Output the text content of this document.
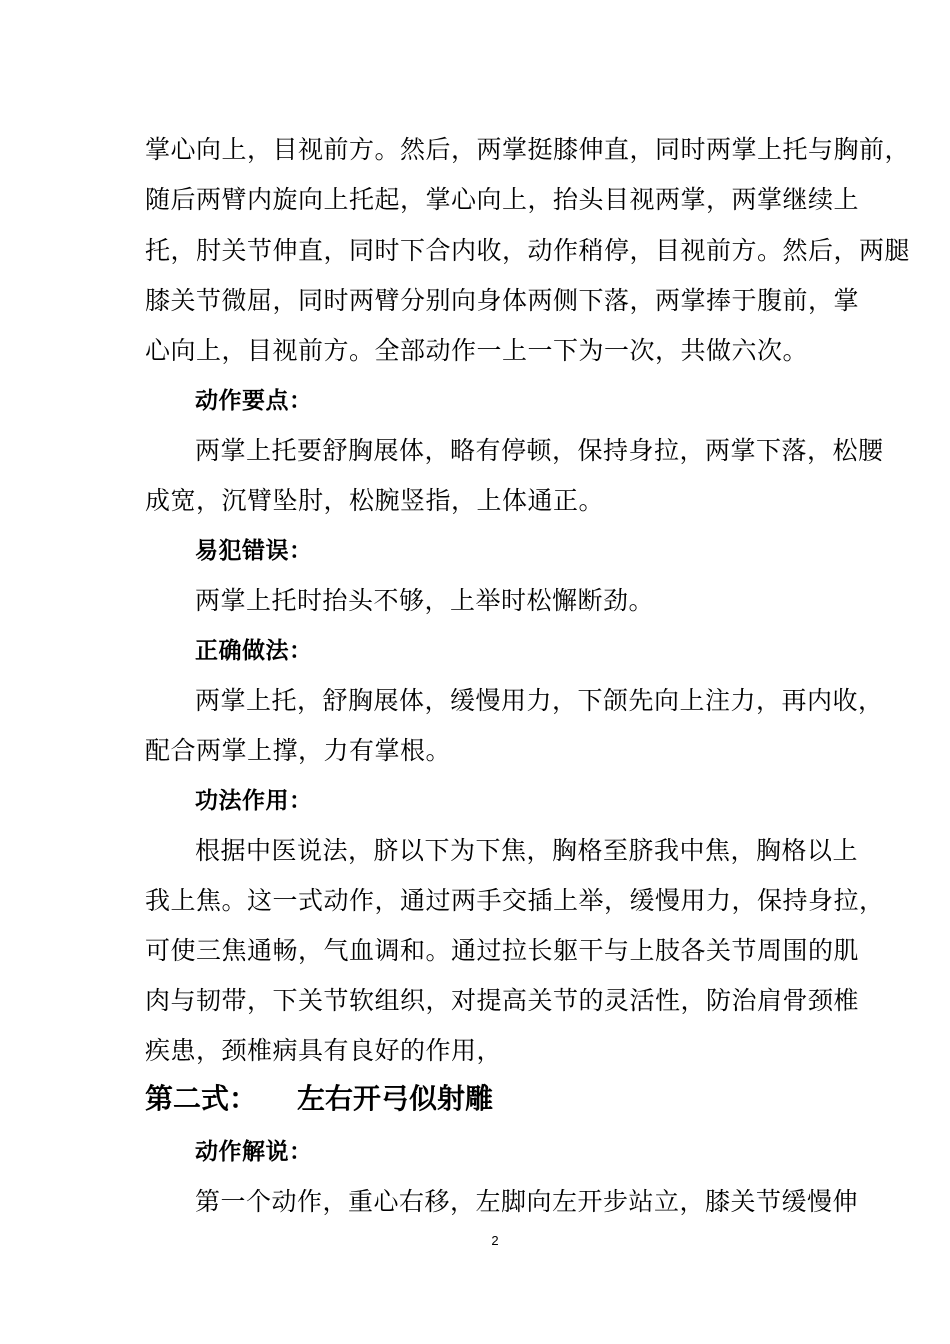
掌心向上，目视前方。然后，两掌挺膝伸直，同时两掌上托与胸前，
随后两臂内旋向上托起，掌心向上，抬头目视两掌，两掌继续上
托，肘关节伸直，同时下合内收，动作稍停，目视前方。然后，两腿
膝关节微屈，同时两臂分别向身体两侧下落，两掌捧于腹前，掌
心向上，目视前方。全部动作一上一下为一次，共做六次。
动作要点：
两掌上托要舒胸展体，略有停顿，保持身拉，两掌下落，松腰
成宽，沉臂坠肘，松腕竖指，上体通正。
易犯错误：
两掌上托时抬头不够，上举时松懈断劲。
正确做法：
两掌上托，舒胸展体，缓慢用力，下颌先向上注力，再内收，
配合两掌上撑，力有掌根。
功法作用：
根据中医说法，脐以下为下焦，胸格至脐我中焦，胸格以上
我上焦。这一式动作，通过两手交插上举，缓慢用力，保持身拉，
可使三焦通畅，气血调和。通过拉长躯干与上肢各关节周围的肌
肉与韧带，下关节软组织，对提高关节的灵活性，防治肩骨颈椎
疾患，颈椎病具有良好的作用，
第二式： 左右开弓似射雕
动作解说：
第一个动作，重心右移，左脚向左开步站立，膝关节缓慢伸
2
